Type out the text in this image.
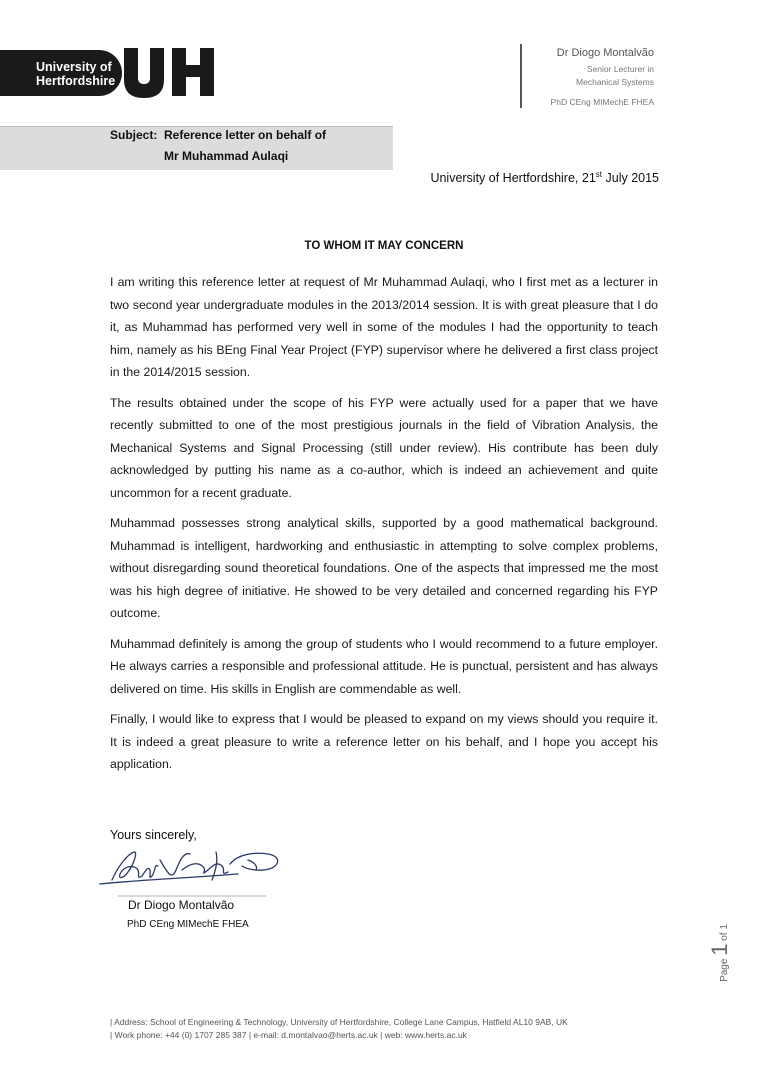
University of
Hertfordshire
Dr Diogo Montalvão
Senior Lecturer in
Mechanical Systems
PhD CEng MIMechE FHEA
Subject:  Reference letter on behalf of
Mr Muhammad Aulaqi
University of Hertfordshire, 21st July 2015
TO WHOM IT MAY CONCERN

I am writing this reference letter at request of Mr Muhammad Aulaqi, who I first met as a lecturer in two second year undergraduate modules in the 2013/2014 session. It is with great pleasure that I do it, as Muhammad has performed very well in some of the modules I had the opportunity to teach him, namely as his BEng Final Year Project (FYP) supervisor where he delivered a first class project in the 2014/2015 session.

The results obtained under the scope of his FYP were actually used for a paper that we have recently submitted to one of the most prestigious journals in the field of Vibration Analysis, the Mechanical Systems and Signal Processing (still under review). His contribute has been duly acknowledged by putting his name as a co-author, which is indeed an achievement and quite uncommon for a recent graduate.

Muhammad possesses strong analytical skills, supported by a good mathematical background. Muhammad is intelligent, hardworking and enthusiastic in attempting to solve complex problems, without disregarding sound theoretical foundations. One of the aspects that impressed me the most was his high degree of initiative. He showed to be very detailed and concerned regarding his FYP outcome.

Muhammad definitely is among the group of students who I would recommend to a future employer. He always carries a responsible and professional attitude. He is punctual, persistent and has always delivered on time. His skills in English are commendable as well.

Finally, I would like to express that I would be pleased to expand on my views should you require it. It is indeed a great pleasure to write a reference letter on his behalf, and I hope you accept his application.

Yours sincerely,
Dr Diogo Montalvão
PhD CEng MIMechE FHEA
Page 1 of 1
| Address: School of Engineering & Technology, University of Hertfordshire, College Lane Campus, Hatfield AL10 9AB, UK
| Work phone: +44 (0) 1707 285 387 | e-mail: d.montalvao@herts.ac.uk | web: www.herts.ac.uk
